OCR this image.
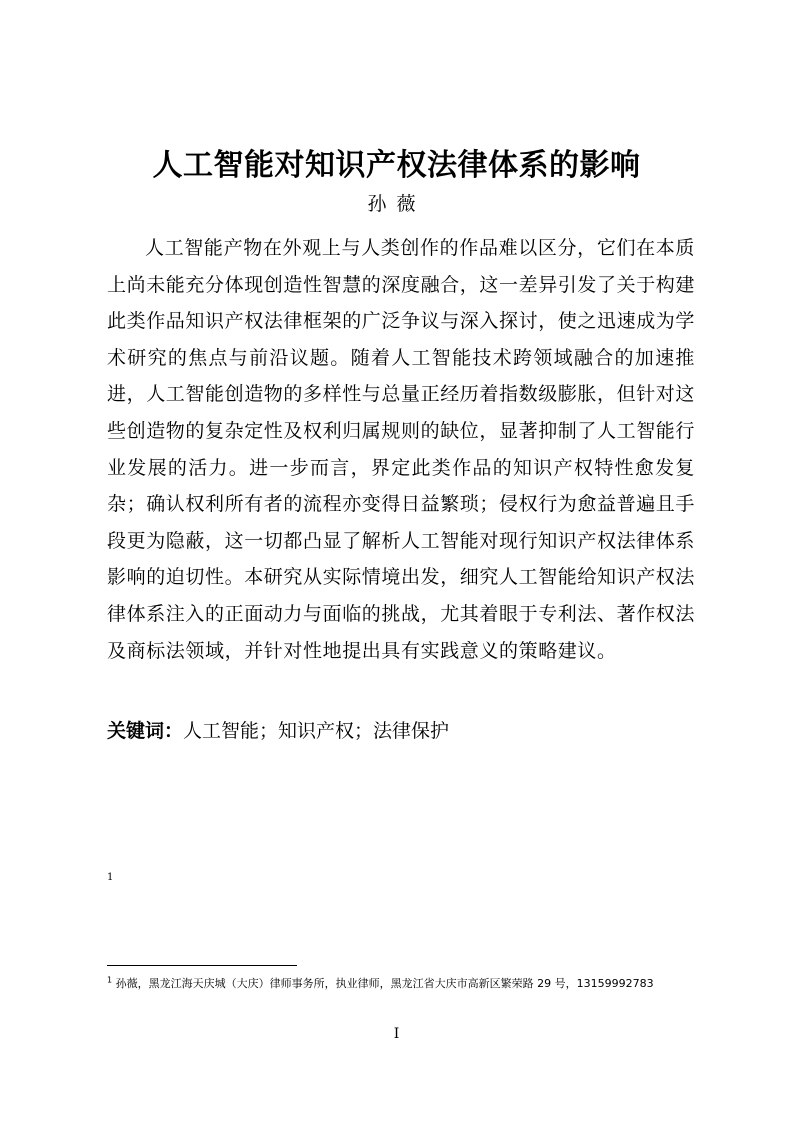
人工智能对知识产权法律体系的影响
孙薇

人工智能产物在外观上与人类创作的作品难以区分，它们在本质上尚未能充分体现创造性智慧的深度融合，这一差异引发了关于构建此类作品知识产权法律框架的广泛争议与深入探讨，使之迅速成为学术研究的焦点与前沿议题。随着人工智能技术跨领域融合的加速推进，人工智能创造物的多样性与总量正经历着指数级膨胀，但针对这些创造物的复杂定性及权利归属规则的缺位，显著抑制了人工智能行业发展的活力。进一步而言，界定此类作品的知识产权特性愈发复杂；确认权利所有者的流程亦变得日益繁琐；侵权行为愈益普遍且手段更为隐蔽，这一切都凸显了解析人工智能对现行知识产权法律体系影响的迫切性。本研究从实际情境出发，细究人工智能给知识产权法律体系注入的正面动力与面临的挑战，尤其着眼于专利法、著作权法及商标法领域，并针对性地提出具有实践意义的策略建议。

关键词：人工智能；知识产权；法律保护
1
$^1$ 孙薇，黑龙江海天庆城（大庆）律师事务所，执业律师，黑龙江省大庆市高新区繁荣路 29 号，13159992783
I
